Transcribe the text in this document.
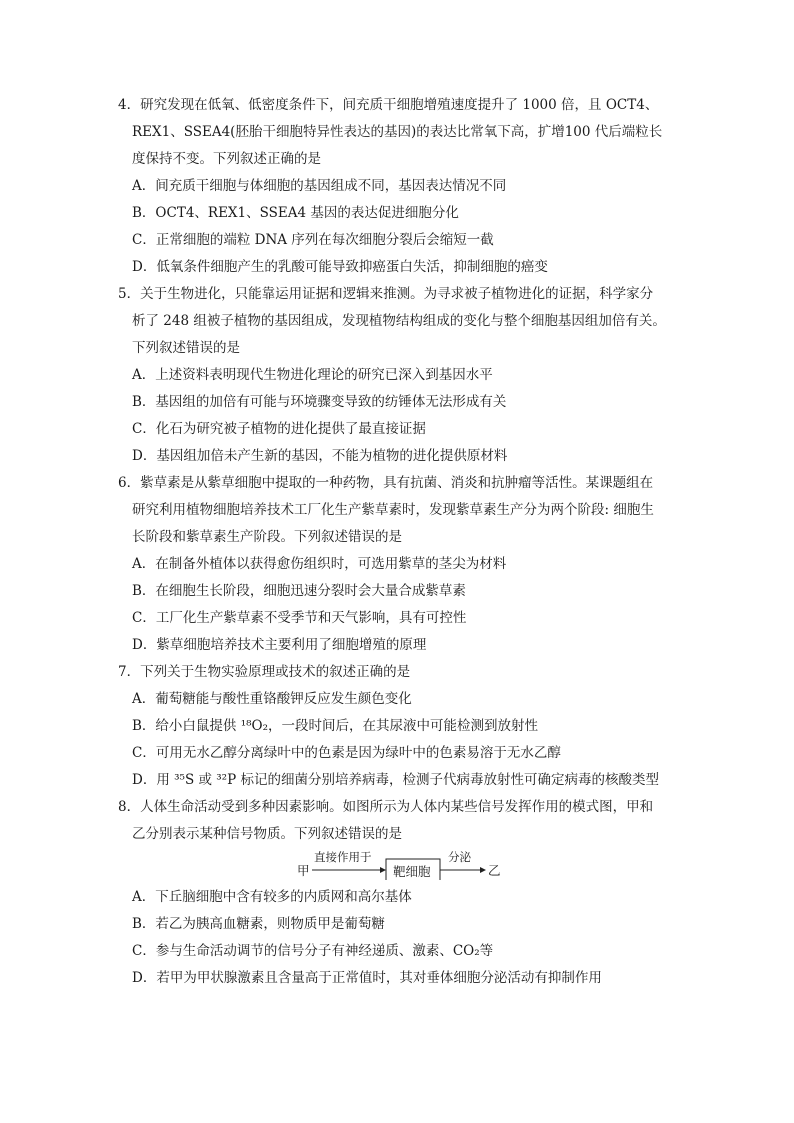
4．研究发现在低氧、低密度条件下，间充质干细胞增殖速度提升了 1000 倍，且 OCT4、
REX1、SSEA4(胚胎干细胞特异性表达的基因)的表达比常氧下高，扩增100 代后端粒长
度保持不变。下列叙述正确的是
A．间充质干细胞与体细胞的基因组成不同，基因表达情况不同
B．OCT4、REX1、SSEA4 基因的表达促进细胞分化
C．正常细胞的端粒 DNA 序列在每次细胞分裂后会缩短一截
D．低氧条件细胞产生的乳酸可能导致抑癌蛋白失活，抑制细胞的癌变
5．关于生物进化，只能靠运用证据和逻辑来推测。为寻求被子植物进化的证据，科学家分
析了 248 组被子植物的基因组成，发现植物结构组成的变化与整个细胞基因组加倍有关。
下列叙述错误的是
A．上述资料表明现代生物进化理论的研究已深入到基因水平
B．基因组的加倍有可能与环境骤变导致的纺锤体无法形成有关
C．化石为研究被子植物的进化提供了最直接证据
D．基因组加倍未产生新的基因，不能为植物的进化提供原材料
6．紫草素是从紫草细胞中提取的一种药物，具有抗菌、消炎和抗肿瘤等活性。某课题组在
研究利用植物细胞培养技术工厂化生产紫草素时，发现紫草素生产分为两个阶段: 细胞生
长阶段和紫草素生产阶段。下列叙述错误的是
A．在制备外植体以获得愈伤组织时，可选用紫草的茎尖为材料
B．在细胞生长阶段，细胞迅速分裂时会大量合成紫草素
C．工厂化生产紫草素不受季节和天气影响，具有可控性
D．紫草细胞培养技术主要利用了细胞增殖的原理
7．下列关于生物实验原理或技术的叙述正确的是
A．葡萄糖能与酸性重铬酸钾反应发生颜色变化
B．给小白鼠提供 ¹⁸O₂，一段时间后，在其尿液中可能检测到放射性
C．可用无水乙醇分离绿叶中的色素是因为绿叶中的色素易溶于无水乙醇
D．用 ³⁵S 或 ³²P 标记的细菌分别培养病毒，检测子代病毒放射性可确定病毒的核酸类型
8．人体生命活动受到多种因素影响。如图所示为人体内某些信号发挥作用的模式图，甲和
乙分别表示某种信号物质。下列叙述错误的是
甲
直接作用于
靶细胞
分泌
乙
A．下丘脑细胞中含有较多的内质网和高尔基体
B．若乙为胰高血糖素，则物质甲是葡萄糖
C．参与生命活动调节的信号分子有神经递质、激素、CO₂等
D．若甲为甲状腺激素且含量高于正常值时，其对垂体细胞分泌活动有抑制作用
